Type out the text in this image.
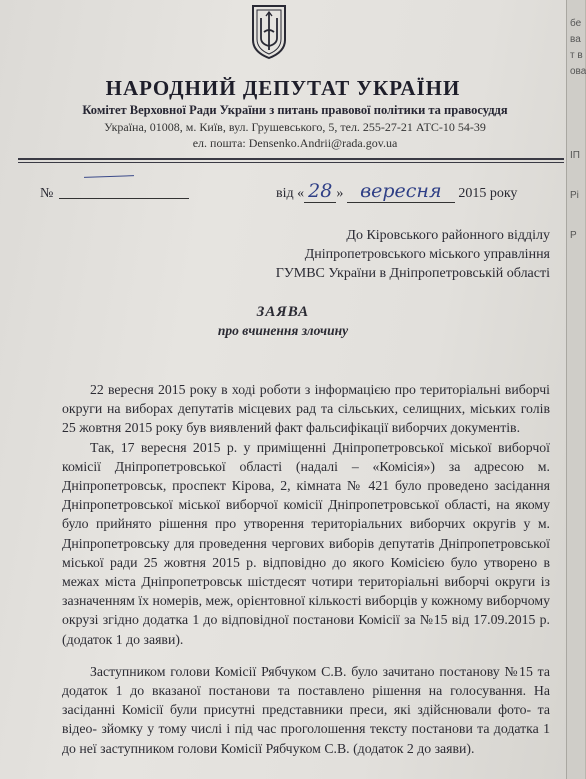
НАРОДНИЙ ДЕПУТАТ УКРАЇНИ
Комітет Верховної Ради України з питань правової політики та правосуддя
Україна, 01008, м. Київ, вул. Грушевського, 5, тел. 255-27-21 АТС-10 54-39
ел. пошта: Densenko.Andrii@rada.gov.ua
№	від « 28 » вересня 2015 року
До Кіровського районного відділу
Дніпропетровського міського управління
ГУМВС України в Дніпропетровській області
ЗАЯВА
про вчинення злочину

22 вересня 2015 року в ході роботи з інформацією про територіальні виборчі округи на виборах депутатів місцевих рад та сільських, селищних, міських голів 25 жовтня 2015 року був виявлений факт фальсифікації виборчих документів.

Так, 17 вересня 2015 р. у приміщенні Дніпропетровської міської виборчої комісії Дніпропетровської області (надалі – «Комісія») за адресою м. Дніпропетровськ, проспект Кірова, 2, кімната № 421 було проведено засідання Дніпропетровської міської виборчої комісії Дніпропетровської області, на якому було прийнято рішення про утворення територіальних виборчих округів у м. Дніпропетровську для проведення чергових виборів депутатів Дніпропетровської міської ради 25 жовтня 2015 р. відповідно до якого Комісією було утворено в межах міста Дніпропетровськ шістдесят чотири територіальні виборчі округи із зазначенням їх номерів, меж, орієнтовної кількості виборців у кожному виборчому окрузі згідно додатка 1 до відповідної постанови Комісії за №15 від 17.09.2015 р. (додаток 1 до заяви).

Заступником голови Комісії Рябчуком С.В. було зачитано постанову №15 та додаток 1 до вказаної постанови та поставлено рішення на голосування. На засіданні Комісії були присутні представники преси, які здійснювали фото- та відео- зйомку у тому числі і під час проголошення тексту постанови та додатка 1 до неї заступником голови Комісії Рябчуком С.В. (додаток 2 до заяви).

бе
ва
т в
ова
ІП
Рі
Р
